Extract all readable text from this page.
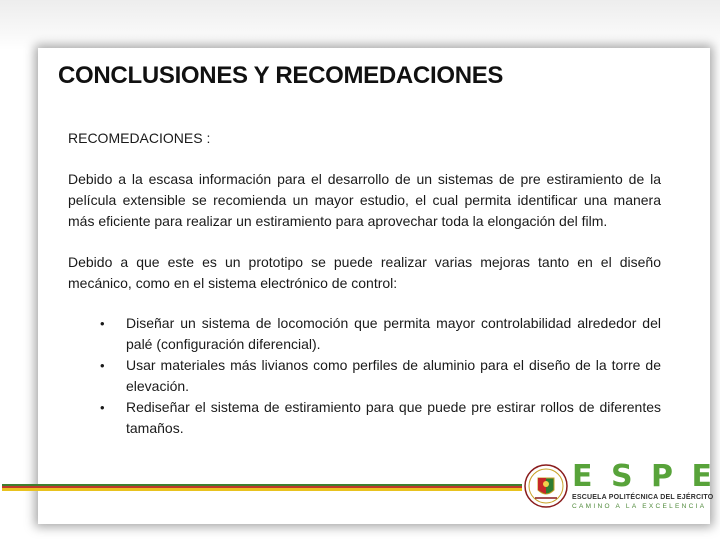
CONCLUSIONES Y RECOMEDACIONES
RECOMEDACIONES :

Debido a la escasa información para el desarrollo de un sistemas de pre estiramiento de la película extensible se recomienda un mayor estudio, el cual permita identificar una manera más eficiente para realizar un estiramiento para aprovechar toda la elongación del film.

Debido a que este es un prototipo se puede realizar varias mejoras tanto en el diseño mecánico, como en el sistema electrónico de control:

• Diseñar un sistema de locomoción que permita mayor controlabilidad alrededor del palé (configuración diferencial).
• Usar materiales más livianos como perfiles de aluminio para el diseño de la torre de elevación.
• Rediseñar el sistema de estiramiento para que puede pre estirar rollos de diferentes tamaños.
E S P E
ESCUELA POLITÉCNICA DEL EJÉRCITO
CAMINO A LA EXCELENCIA
